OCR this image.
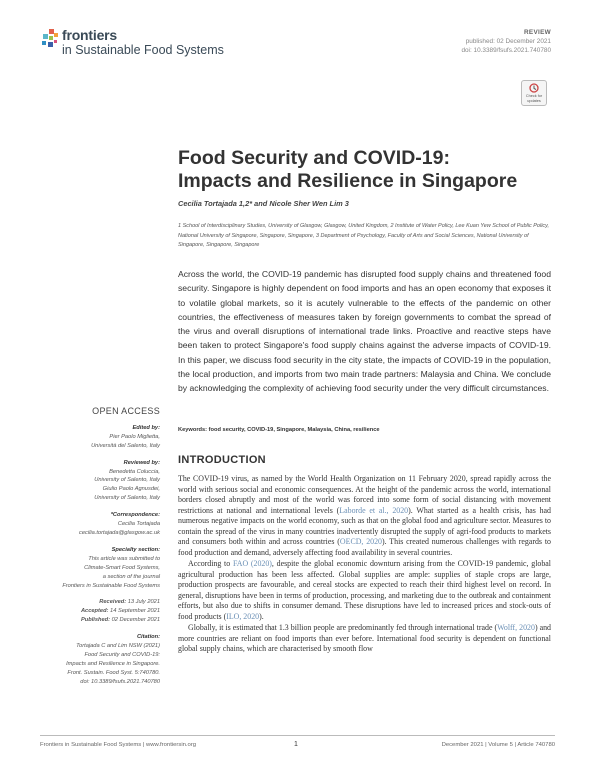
frontiers
in Sustainable Food Systems
REVIEW
published: 02 December 2021
doi: 10.3389/fsufs.2021.740780
Check for updates
Food Security and COVID-19:
Impacts and Resilience in Singapore
Cecilia Tortajada 1,2* and Nicole Sher Wen Lim 3
1 School of Interdisciplinary Studies, University of Glasgow, Glasgow, United Kingdom, 2 Institute of Water Policy, Lee Kuan Yew School of Public Policy, National University of Singapore, Singapore, Singapore, 3 Department of Psychology, Faculty of Arts and Social Sciences, National University of Singapore, Singapore, Singapore
Across the world, the COVID-19 pandemic has disrupted food supply chains and threatened food security. Singapore is highly dependent on food imports and has an open economy that exposes it to volatile global markets, so it is acutely vulnerable to the effects of the pandemic on other countries, the effectiveness of measures taken by foreign governments to combat the spread of the virus and overall disruptions of international trade links. Proactive and reactive steps have been taken to protect Singapore's food supply chains against the adverse impacts of COVID-19. In this paper, we discuss food security in the city state, the impacts of COVID-19 in the population, the local production, and imports from two main trade partners: Malaysia and China. We conclude by acknowledging the complexity of achieving food security under the very difficult circumstances.
Keywords: food security, COVID-19, Singapore, Malaysia, China, resilience
INTRODUCTION

The COVID-19 virus, as named by the World Health Organization on 11 February 2020, spread rapidly across the world with serious social and economic consequences. At the height of the pandemic across the world, international borders closed abruptly and most of the world was forced into some form of social distancing with movement restrictions at national and international levels (Laborde et al., 2020). What started as a health crisis, has had numerous negative impacts on the world economy, such as that on the global food and agriculture sector. Measures to contain the spread of the virus in many countries inadvertently disrupted the supply of agri-food products to markets and consumers both within and across countries (OECD, 2020). This created numerous challenges with regards to food production and demand, adversely affecting food availability in several countries.

According to FAO (2020), despite the global economic downturn arising from the COVID-19 pandemic, global agricultural production has been less affected. Global supplies are ample: supplies of staple crops are large, production prospects are favourable, and cereal stocks are expected to reach their third highest level on record. In general, disruptions have been in terms of production, processing, and marketing due to the outbreak and containment efforts, but also due to shifts in consumer demand. These disruptions have led to increased prices and stock-outs of food products (ILO, 2020).

Globally, it is estimated that 1.3 billion people are predominantly fed through international trade (Wolff, 2020) and more countries are reliant on food imports than ever before. International food security is dependent on functional global supply chains, which are characterised by smooth flow

OPEN ACCESS
Edited by:
Pier Paolo Miglietta,
Università del Salento, Italy
Reviewed by:
Benedetta Coluccia,
University of Salento, Italy
Giulio Paolo Agnusdei,
University of Salento, Italy
*Correspondence:
Cecilia Tortajada
cecilia.tortajada@glasgow.ac.uk
Specialty section:
This article was submitted to
Climate-Smart Food Systems,
a section of the journal
Frontiers in Sustainable Food Systems
Received: 13 July 2021
Accepted: 14 September 2021
Published: 02 December 2021
Citation:
Tortajada C and Lim NSW (2021)
Food Security and COVID-19:
Impacts and Resilience in Singapore.
Front. Sustain. Food Syst. 5:740780.
doi: 10.3389/fsufs.2021.740780
Frontiers in Sustainable Food Systems | www.frontiersin.org	1	December 2021 | Volume 5 | Article 740780
